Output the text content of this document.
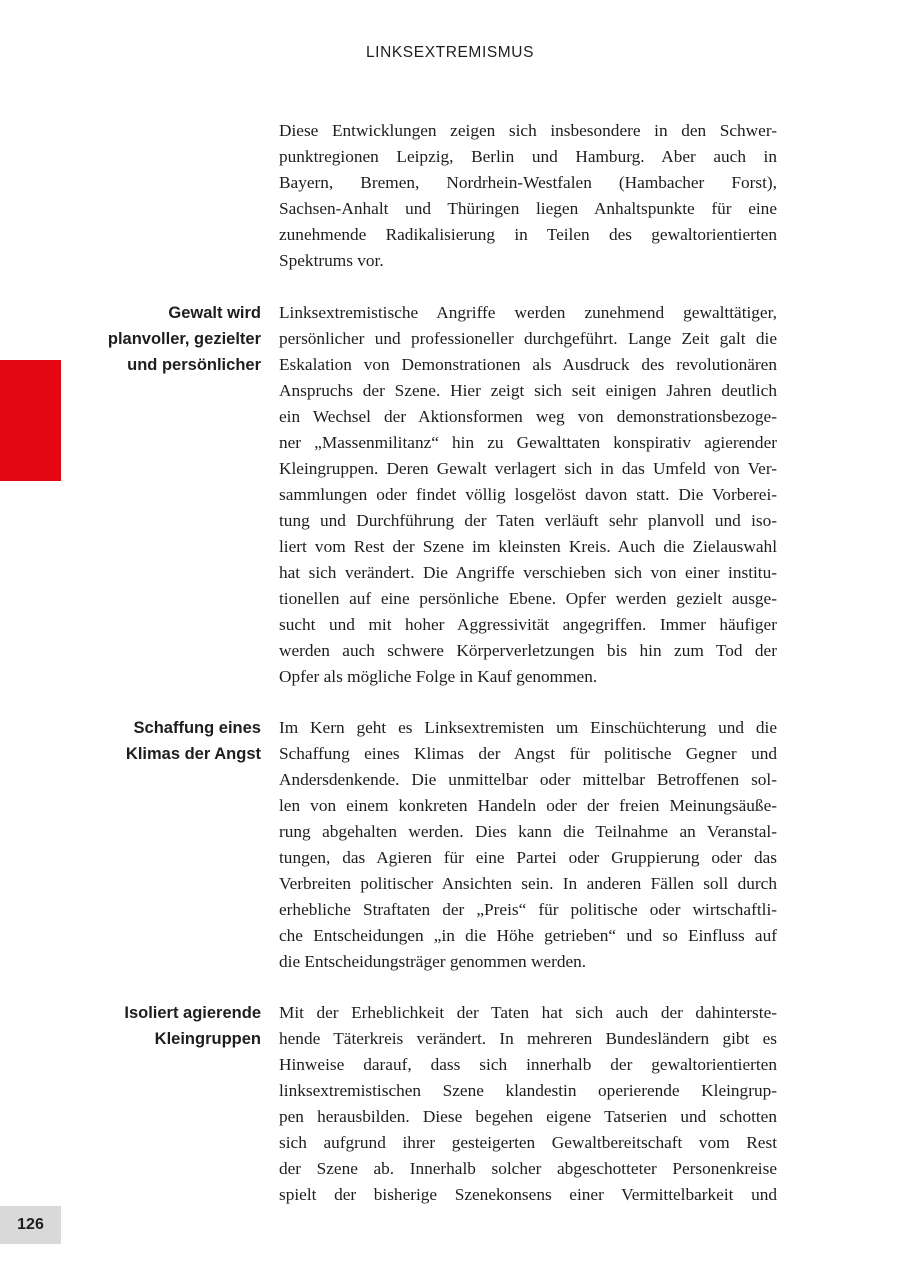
LINKSEXTREMISMUS
Diese Entwicklungen zeigen sich insbesondere in den Schwer-
punktregionen Leipzig, Berlin und Hamburg. Aber auch in
Bayern, Bremen, Nordrhein-Westfalen (Hambacher Forst),
Sachsen-Anhalt und Thüringen liegen Anhaltspunkte für eine
zunehmende Radikalisierung in Teilen des gewaltorientierten
Spektrums vor.
Gewalt wird
planvoller, gezielter
und persönlicher
Linksextremistische Angriffe werden zunehmend gewalttätiger,
persönlicher und professioneller durchgeführt. Lange Zeit galt die
Eskalation von Demonstrationen als Ausdruck des revolutionären
Anspruchs der Szene. Hier zeigt sich seit einigen Jahren deutlich
ein Wechsel der Aktionsformen weg von demonstrationsbezoge-
ner „Massenmilitanz“ hin zu Gewalttaten konspirativ agierender
Kleingruppen. Deren Gewalt verlagert sich in das Umfeld von Ver-
sammlungen oder findet völlig losgelöst davon statt. Die Vorberei-
tung und Durchführung der Taten verläuft sehr planvoll und iso-
liert vom Rest der Szene im kleinsten Kreis. Auch die Zielauswahl
hat sich verändert. Die Angriffe verschieben sich von einer institu-
tionellen auf eine persönliche Ebene. Opfer werden gezielt ausge-
sucht und mit hoher Aggressivität angegriffen. Immer häufiger
werden auch schwere Körperverletzungen bis hin zum Tod der
Opfer als mögliche Folge in Kauf genommen.
Schaffung eines
Klimas der Angst
Im Kern geht es Linksextremisten um Einschüchterung und die
Schaffung eines Klimas der Angst für politische Gegner und
Andersdenkende. Die unmittelbar oder mittelbar Betroffenen sol-
len von einem konkreten Handeln oder der freien Meinungsäuße-
rung abgehalten werden. Dies kann die Teilnahme an Veranstal-
tungen, das Agieren für eine Partei oder Gruppierung oder das
Verbreiten politischer Ansichten sein. In anderen Fällen soll durch
erhebliche Straftaten der „Preis“ für politische oder wirtschaftli-
che Entscheidungen „in die Höhe getrieben“ und so Einfluss auf
die Entscheidungsträger genommen werden.
Isoliert agierende
Kleingruppen
Mit der Erheblichkeit der Taten hat sich auch der dahinterste-
hende Täterkreis verändert. In mehreren Bundesländern gibt es
Hinweise darauf, dass sich innerhalb der gewaltorientierten
linksextremistischen Szene klandestin operierende Kleingrup-
pen herausbilden. Diese begehen eigene Tatserien und schotten
sich aufgrund ihrer gesteigerten Gewaltbereitschaft vom Rest
der Szene ab. Innerhalb solcher abgeschotteter Personenkreise
spielt der bisherige Szenekonsens einer Vermittelbarkeit und
126
